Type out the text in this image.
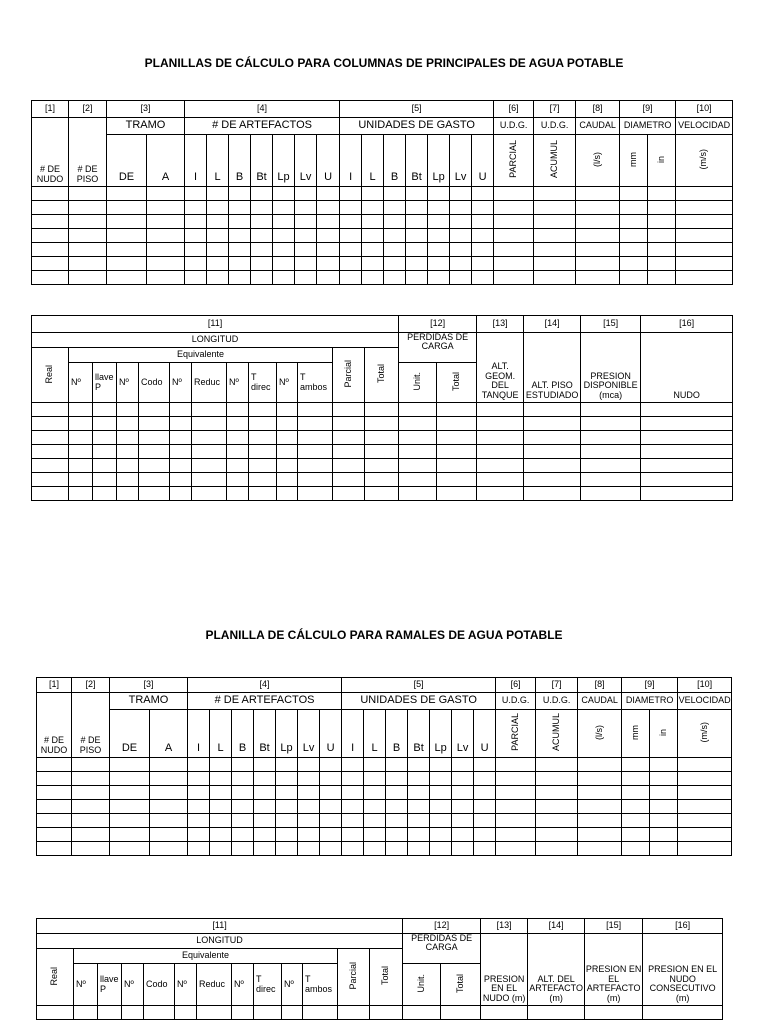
PLANILLAS DE CÁLCULO PARA COLUMNAS DE PRINCIPALES DE AGUA POTABLE
[1]	[2]	[3]		[4]							[5]							[6]	[7]	[8]	[9]		[10]
# DE NUDO	# DE PISO	TRAMO		# DE ARTEFACTOS							UNIDADES DE GASTO							U.D.G.	U.D.G.	CAUDAL	DIAMETRO		VELOCIDAD
		DE	A	I	L	B	Bt	Lp	Lv	U	I	L	B	Bt	Lp	Lv	U	PARCIAL	ACUMUL	(l/s)	mm	in	(m/s)

[11]													[12]		[13]	[14]	[15]	[16]
LONGITUD													PERDIDAS DE CARGA		ALT. GEOM. DEL TANQUE	ALT. PISO ESTUDIADO	PRESION DISPONIBLE (mca)	NUDO
Real	Equivalente										Parcial	Total						
	Nº	llave P	Nº	Codo	Nº	Reduc	Nº	T direc	Nº	T ambos			Unit.	Total				

PLANILLA DE CÁLCULO PARA RAMALES DE AGUA POTABLE
[1]	[2]	[3]		[4]							[5]							[6]	[7]	[8]	[9]		[10]
# DE NUDO	# DE PISO	TRAMO		# DE ARTEFACTOS							UNIDADES DE GASTO							U.D.G.	U.D.G.	CAUDAL	DIAMETRO		VELOCIDAD
		DE	A	I	L	B	Bt	Lp	Lv	U	I	L	B	Bt	Lp	Lv	U	PARCIAL	ACUMUL	(l/s)	mm	in	(m/s)

[11]													[12]		[13]	[14]	[15]	[16]
LONGITUD													PERDIDAS DE CARGA		PRESION EN EL NUDO (m)	ALT. DEL ARTEFACTO (m)	PRESION EN EL ARTEFACTO (m)	PRESION EN EL NUDO CONSECUTIVO (m)
Real	Equivalente										Parcial	Total						
	Nº	llave P	Nº	Codo	Nº	Reduc	Nº	T direc	Nº	T ambos			Unit.	Total				
